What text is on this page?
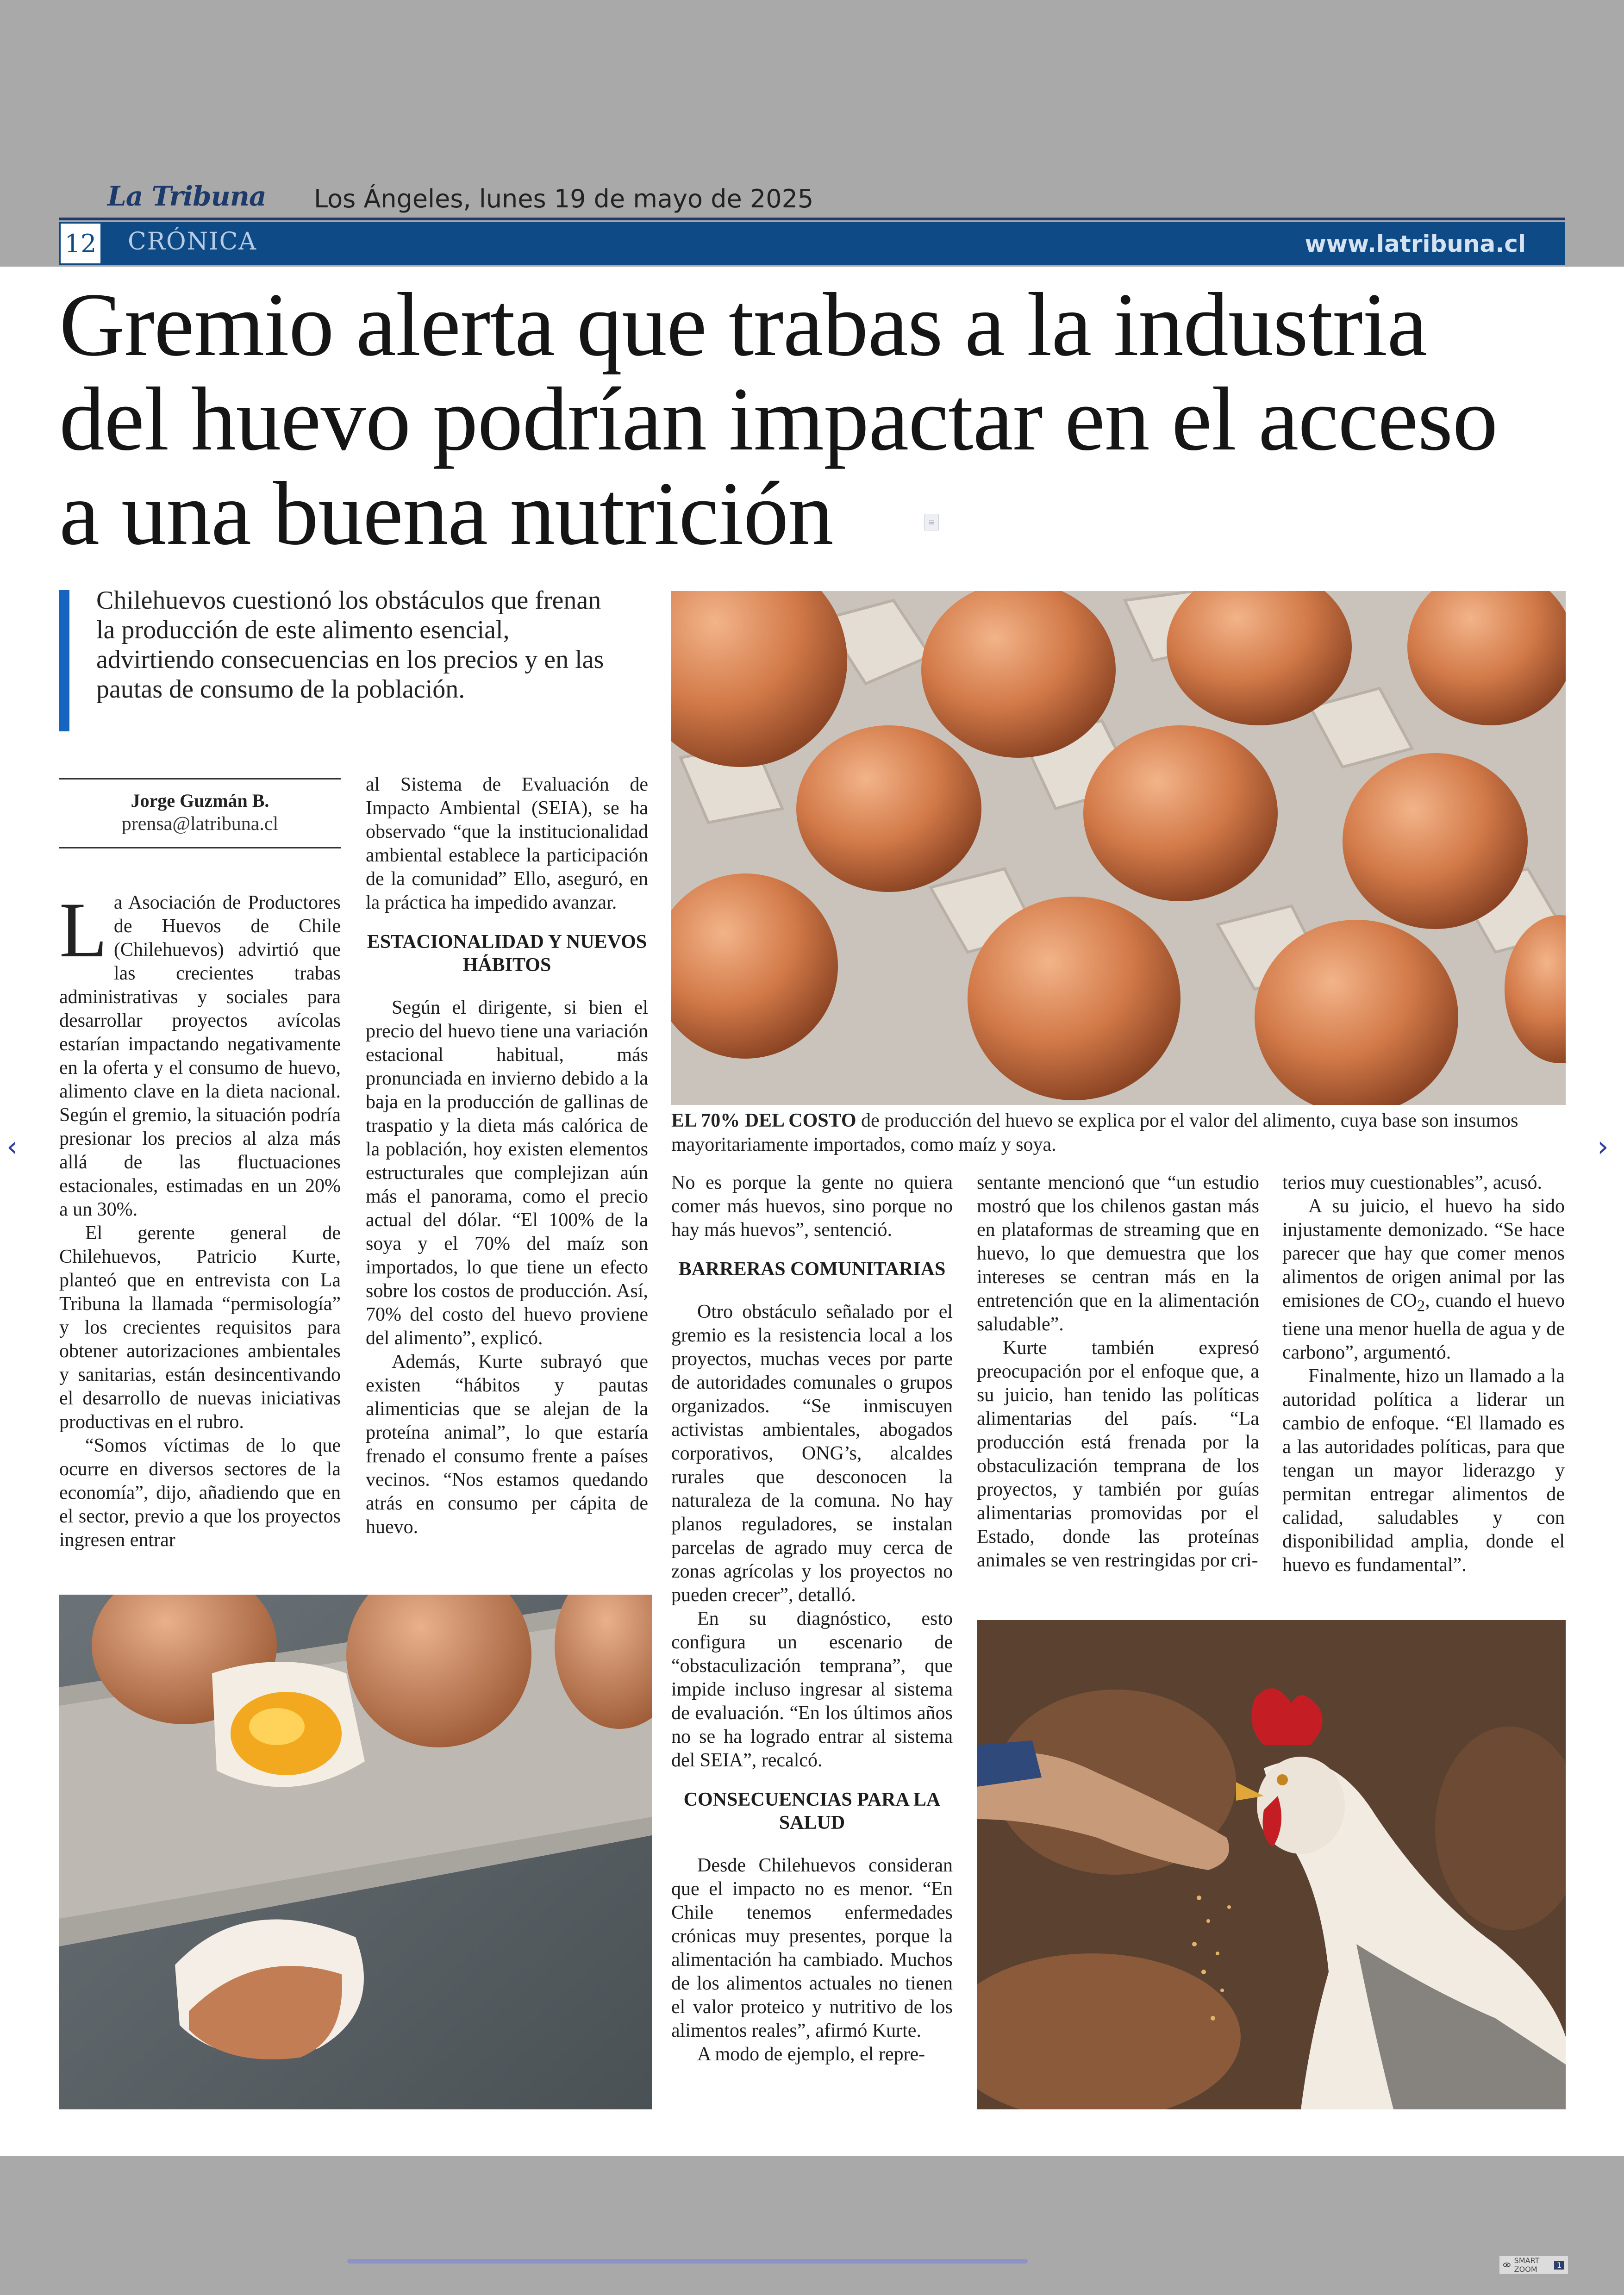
La Tribuna Los Ángeles, lunes 19 de mayo de 2025
12 CRÓNICA	www.latribuna.cl
Gremio alerta que trabas a la industria
del huevo podrían impactar en el acceso
a una buena nutrición	≡
Chilehuevos cuestionó los obstáculos que frenan la producción de este alimento esencial, advirtiendo consecuencias en los precios y en las pautas de consumo de la población.
Jorge Guzmán B.
prensa@latribuna.cl

La Asociación de Productores de Huevos de Chile (Chilehuevos) advirtió que las crecientes trabas administrativas y sociales para desarrollar proyectos avícolas estarían impactando negativamente en la oferta y el consumo de huevo, alimento clave en la dieta nacional. Según el gremio, la situación podría presionar los precios al alza más allá de las fluctuaciones estacionales, estimadas en un 20% a un 30%.

El gerente general de Chilehuevos, Patricio Kurte, planteó que en entrevista con La Tribuna la llamada “permisología” y los crecientes requisitos para obtener autorizaciones ambientales y sanitarias, están desincentivando el desarrollo de nuevas iniciativas productivas en el rubro.

“Somos víctimas de lo que ocurre en diversos sectores de la economía”, dijo, añadiendo que en el sector, previo a que los proyectos ingresen entrar

al Sistema de Evaluación de Impacto Ambiental (SEIA), se ha observado “que la institucionalidad ambiental establece la participación de la comunidad” Ello, aseguró, en la práctica ha impedido avanzar.

ESTACIONALIDAD Y NUEVOS HÁBITOS

Según el dirigente, si bien el precio del huevo tiene una variación estacional habitual, más pronunciada en invierno debido a la baja en la producción de gallinas de traspatio y la dieta más calórica de la población, hoy existen elementos estructurales que complejizan aún más el panorama, como el precio actual del dólar. “El 100% de la soya y el 70% del maíz son importados, lo que tiene un efecto sobre los costos de producción. Así, 70% del costo del huevo proviene del alimento”, explicó.

Además, Kurte subrayó que existen “hábitos y pautas alimenticias que se alejan de la proteína animal”, lo que estaría frenado el consumo frente a países vecinos. “Nos estamos quedando atrás en consumo per cápita de huevo.

EL 70% DEL COSTO de producción del huevo se explica por el valor del alimento, cuya base son insumos mayoritariamente importados, como maíz y soya.

No es porque la gente no quiera comer más huevos, sino porque no hay más huevos”, sentenció.

BARRERAS COMUNITARIAS

Otro obstáculo señalado por el gremio es la resistencia local a los proyectos, muchas veces por parte de autoridades comunales o grupos organizados. “Se inmiscuyen activistas ambientales, abogados corporativos, ONG’s, alcaldes rurales que desconocen la naturaleza de la comuna. No hay planos reguladores, se instalan parcelas de agrado muy cerca de zonas agrícolas y los proyectos no pueden crecer”, detalló.

En su diagnóstico, esto configura un escenario de “obstaculización temprana”, que impide incluso ingresar al sistema de evaluación. “En los últimos años no se ha logrado entrar al sistema del SEIA”, recalcó.

CONSECUENCIAS PARA LA SALUD

Desde Chilehuevos consideran que el impacto no es menor. “En Chile tenemos enfermedades crónicas muy presentes, porque la alimentación ha cambiado. Muchos de los alimentos actuales no tienen el valor proteico y nutritivo de los alimentos reales”, afirmó Kurte.

A modo de ejemplo, el repre-

sentante mencionó que “un estudio mostró que los chilenos gastan más en plataformas de streaming que en huevo, lo que demuestra que los intereses se centran más en la entretención que en la alimentación saludable”.

Kurte también expresó preocupación por el enfoque que, a su juicio, han tenido las políticas alimentarias del país. “La producción está frenada por la obstaculización temprana de los proyectos, y también por guías alimentarias promovidas por el Estado, donde las proteínas animales se ven restringidas por cri-

terios muy cuestionables”, acusó.

A su juicio, el huevo ha sido injustamente demonizado. “Se hace parecer que hay que comer menos alimentos de origen animal por las emisiones de $CO_2$, cuando el huevo tiene una menor huella de agua y de carbono”, argumentó.

Finalmente, hizo un llamado a la autoridad política a liderar un cambio de enfoque. “El llamado es a las autoridades políticas, para que tengan un mayor liderazgo y permitan entregar alimentos de calidad, saludables y con disponibilidad amplia, donde el huevo es fundamental”.

‹	›
SMART ZOOM	1
